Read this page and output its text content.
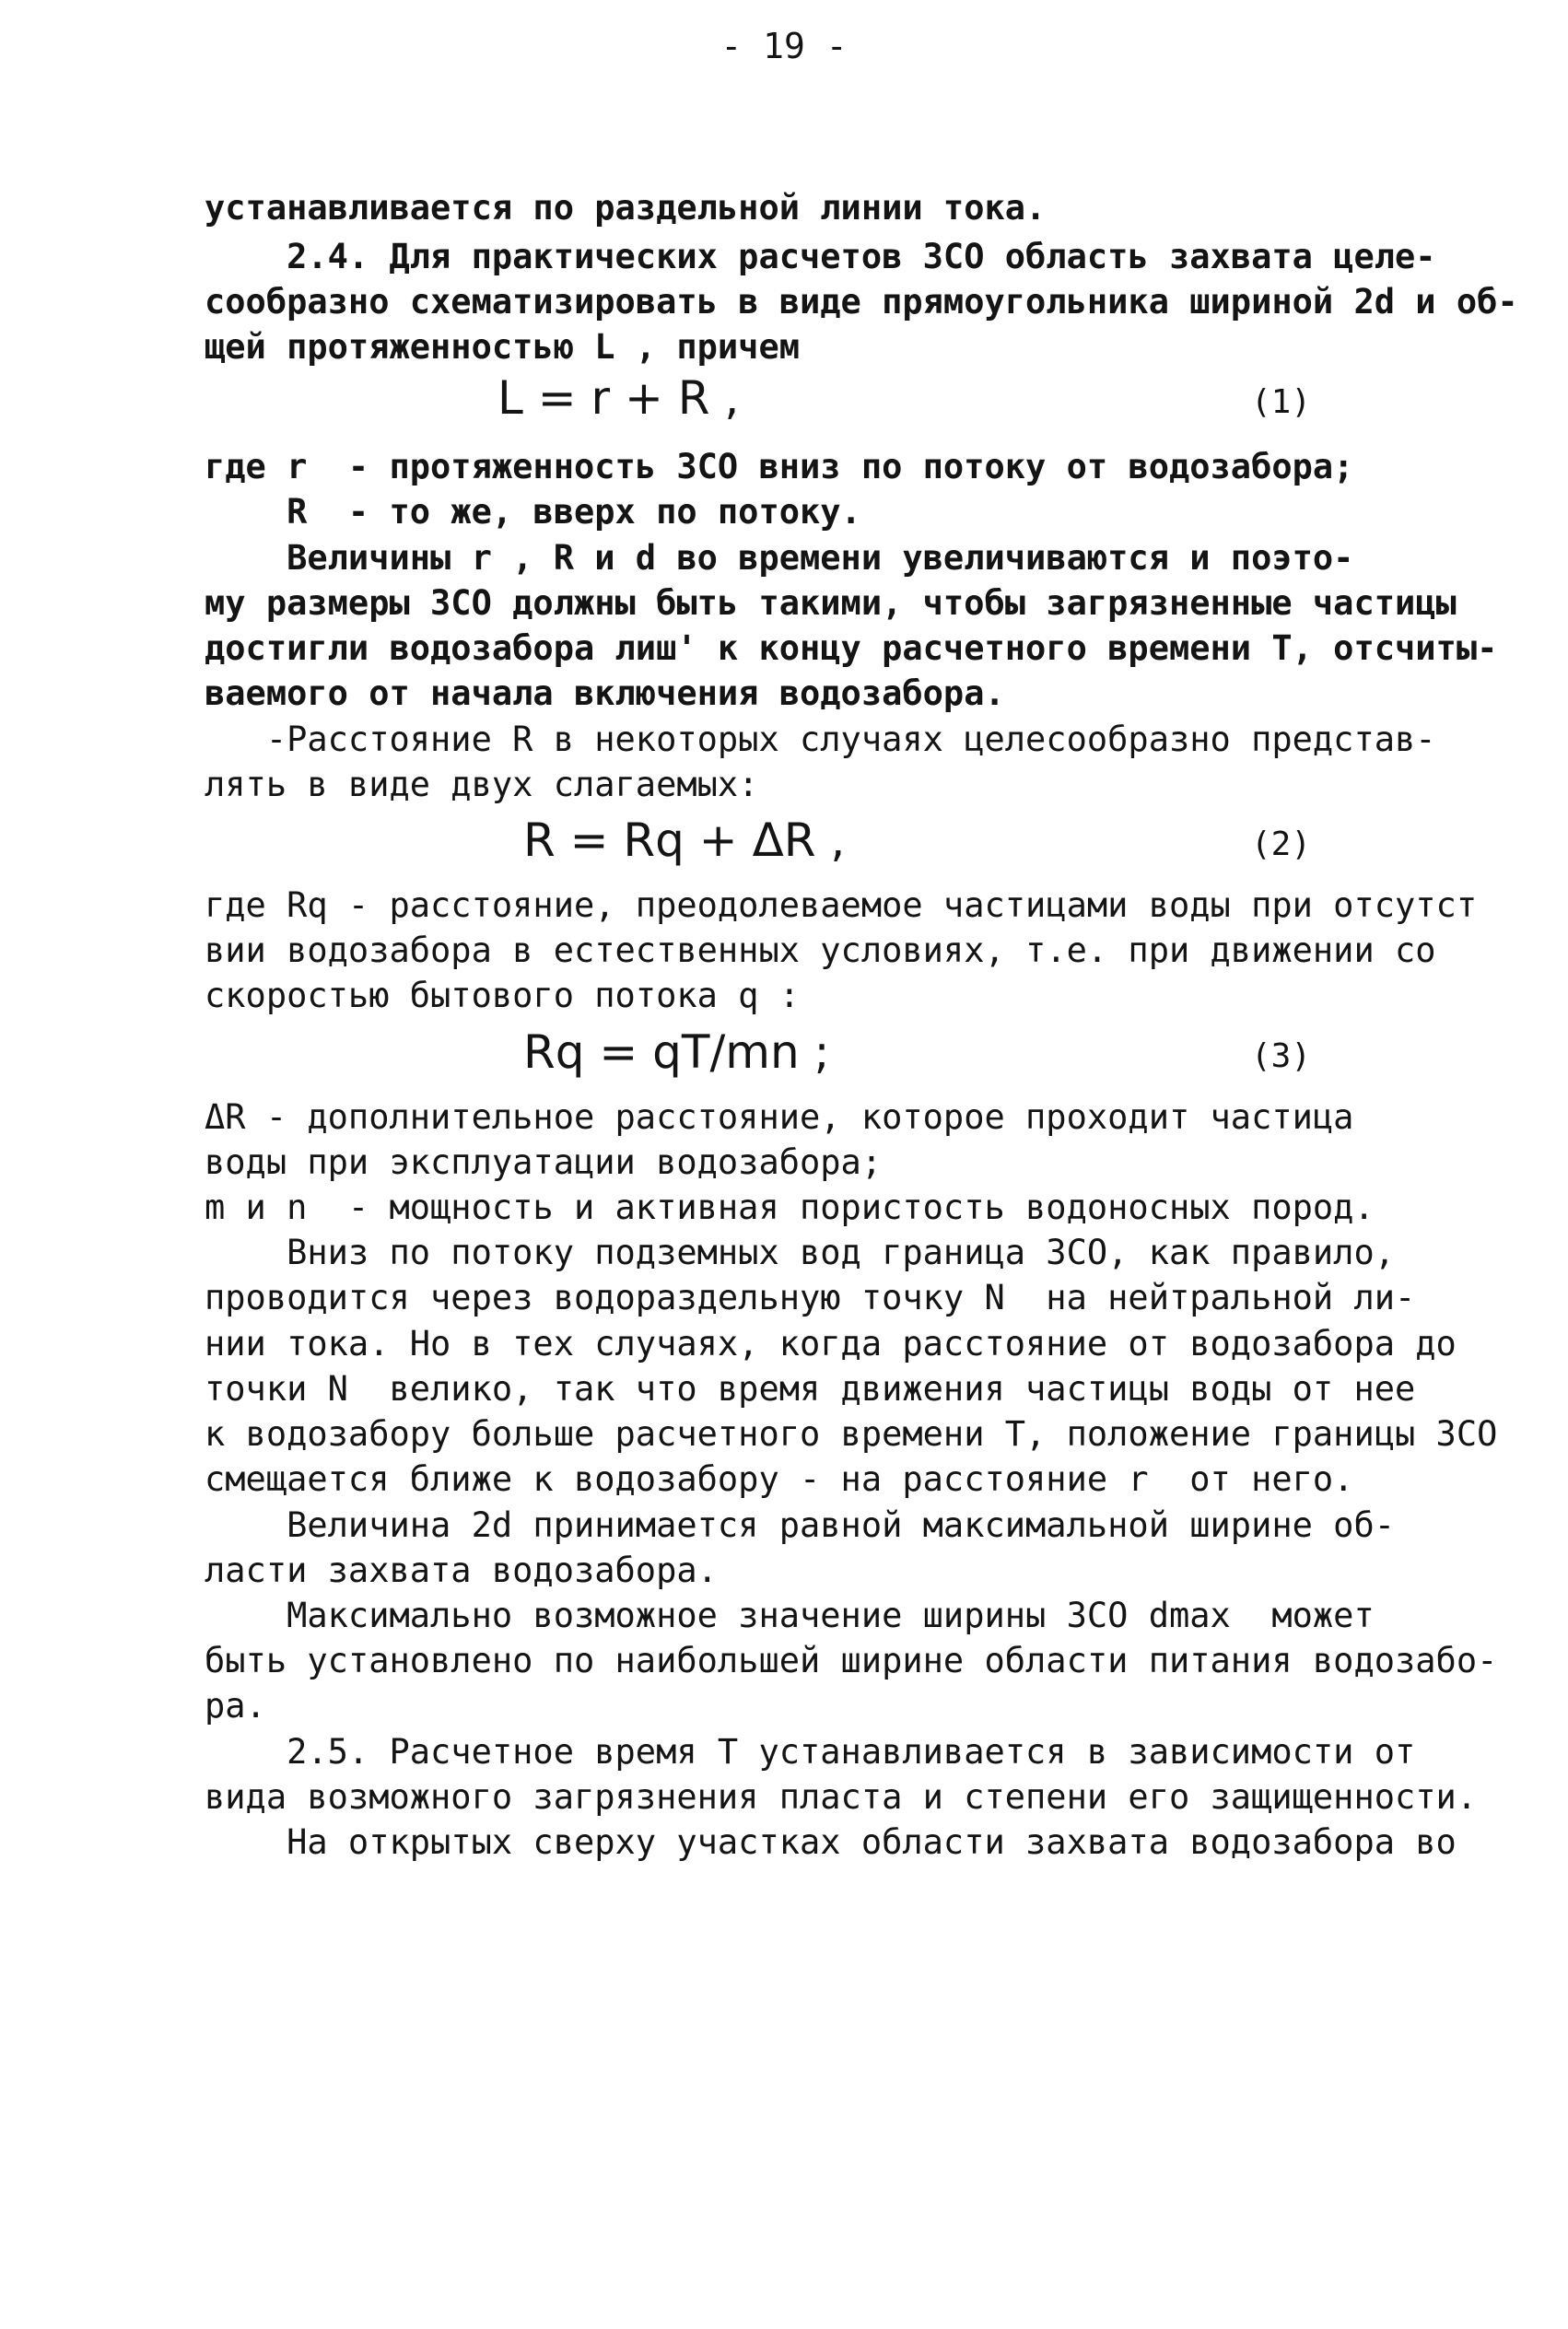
- 19 -
устанавливается по раздельной линии тока.
2.4. Для практических расчетов ЗСО область захвата целе-
сообразно схематизировать в виде прямоугольника шириной 2d и об-
щей протяженностью L , причем
L = r + R ,	(1)
где r  - протяженность ЗСО вниз по потоку от водозабора;
R  - то же, вверх по потоку.
Величины r , R и d во времени увеличиваются и поэто-
му размеры ЗСО должны быть такими, чтобы загрязненные частицы
достигли водозабора лиш' к концу расчетного времени Т, отсчиты-
ваемого от начала включения водозабора.
-Расстояние R в некоторых случаях целесообразно представ-
лять в виде двух слагаемых:
R = Rq + ΔR ,	(2)
где Rq - расстояние, преодолеваемое частицами воды при отсутст
вии водозабора в естественных условиях, т.е. при движении со
скоростью бытового потока q :
Rq = qT/mn ;	(3)
ΔR - дополнительное расстояние, которое проходит частица
воды при эксплуатации водозабора;
m и n  - мощность и активная пористость водоносных пород.
Вниз по потоку подземных вод граница ЗСО, как правило,
проводится через водораздельную точку N  на нейтральной ли-
нии тока. Но в тех случаях, когда расстояние от водозабора до
точки N  велико, так что время движения частицы воды от нее
к водозабору больше расчетного времени Т, положение границы ЗСО
смещается ближе к водозабору - на расстояние r  от него.
Величина 2d принимается равной максимальной ширине об-
ласти захвата водозабора.
Максимально возможное значение ширины ЗСО dmax  может
быть установлено по наибольшей ширине области питания водозабо-
ра.
2.5. Расчетное время Т устанавливается в зависимости от
вида возможного загрязнения пласта и степени его защищенности.
На открытых сверху участках области захвата водозабора во
